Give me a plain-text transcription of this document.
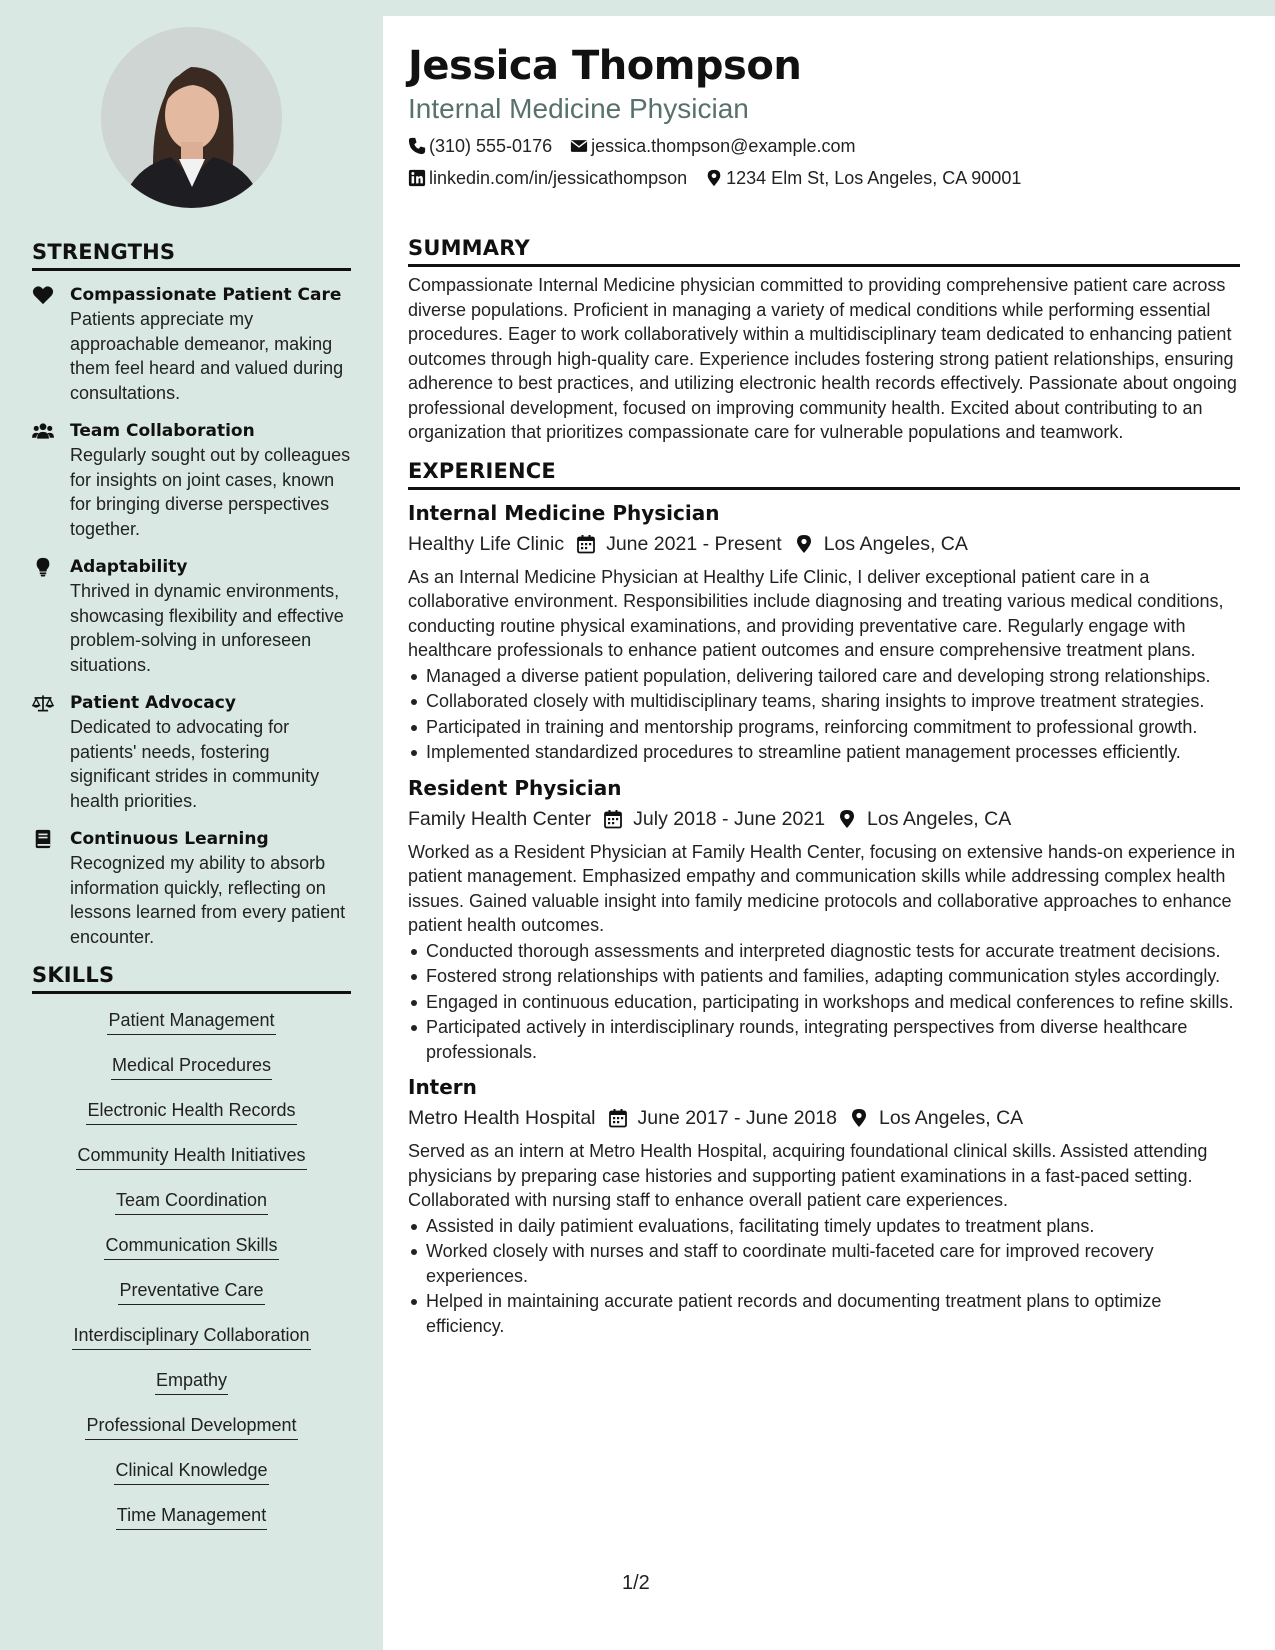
STRENGTHS
Compassionate Patient Care
Patients appreciate my approachable demeanor, making them feel heard and valued during consultations.
Team Collaboration
Regularly sought out by colleagues for insights on joint cases, known for bringing diverse perspectives together.
Adaptability
Thrived in dynamic environments, showcasing flexibility and effective problem-solving in unforeseen situations.
Patient Advocacy
Dedicated to advocating for patients' needs, fostering significant strides in community health priorities.
Continuous Learning
Recognized my ability to absorb information quickly, reflecting on lessons learned from every patient encounter.
SKILLS
Patient Management
Medical Procedures
Electronic Health Records
Community Health Initiatives
Team Coordination
Communication Skills
Preventative Care
Interdisciplinary Collaboration
Empathy
Professional Development
Clinical Knowledge
Time Management
Jessica Thompson
Internal Medicine Physician
(310) 555-0176 jessica.thompson@example.com
linkedin.com/in/jessicathompson 1234 Elm St, Los Angeles, CA 90001
SUMMARY

Compassionate Internal Medicine physician committed to providing comprehensive patient care across diverse populations. Proficient in managing a variety of medical conditions while performing essential procedures. Eager to work collaboratively within a multidisciplinary team dedicated to enhancing patient outcomes through high-quality care. Experience includes fostering strong patient relationships, ensuring adherence to best practices, and utilizing electronic health records effectively. Passionate about ongoing professional development, focused on improving community health. Excited about contributing to an organization that prioritizes compassionate care for vulnerable populations and teamwork.

EXPERIENCE
Internal Medicine Physician
Healthy Life Clinic June 2021 - Present Los Angeles, CA

As an Internal Medicine Physician at Healthy Life Clinic, I deliver exceptional patient care in a collaborative environment. Responsibilities include diagnosing and treating various medical conditions, conducting routine physical examinations, and providing preventative care. Regularly engage with healthcare professionals to enhance patient outcomes and ensure comprehensive treatment plans.

Managed a diverse patient population, delivering tailored care and developing strong relationships.
Collaborated closely with multidisciplinary teams, sharing insights to improve treatment strategies.
Participated in training and mentorship programs, reinforcing commitment to professional growth.
Implemented standardized procedures to streamline patient management processes efficiently.
Resident Physician
Family Health Center July 2018 - June 2021 Los Angeles, CA

Worked as a Resident Physician at Family Health Center, focusing on extensive hands-on experience in patient management. Emphasized empathy and communication skills while addressing complex health issues. Gained valuable insight into family medicine protocols and collaborative approaches to enhance patient health outcomes.

Conducted thorough assessments and interpreted diagnostic tests for accurate treatment decisions.
Fostered strong relationships with patients and families, adapting communication styles accordingly.
Engaged in continuous education, participating in workshops and medical conferences to refine skills.
Participated actively in interdisciplinary rounds, integrating perspectives from diverse healthcare professionals.
Intern
Metro Health Hospital June 2017 - June 2018 Los Angeles, CA

Served as an intern at Metro Health Hospital, acquiring foundational clinical skills. Assisted attending physicians by preparing case histories and supporting patient examinations in a fast-paced setting. Collaborated with nursing staff to enhance overall patient care experiences.

Assisted in daily patimient evaluations, facilitating timely updates to treatment plans.
Worked closely with nurses and staff to coordinate multi-faceted care for improved recovery experiences.
Helped in maintaining accurate patient records and documenting treatment plans to optimize efficiency.
1/2
